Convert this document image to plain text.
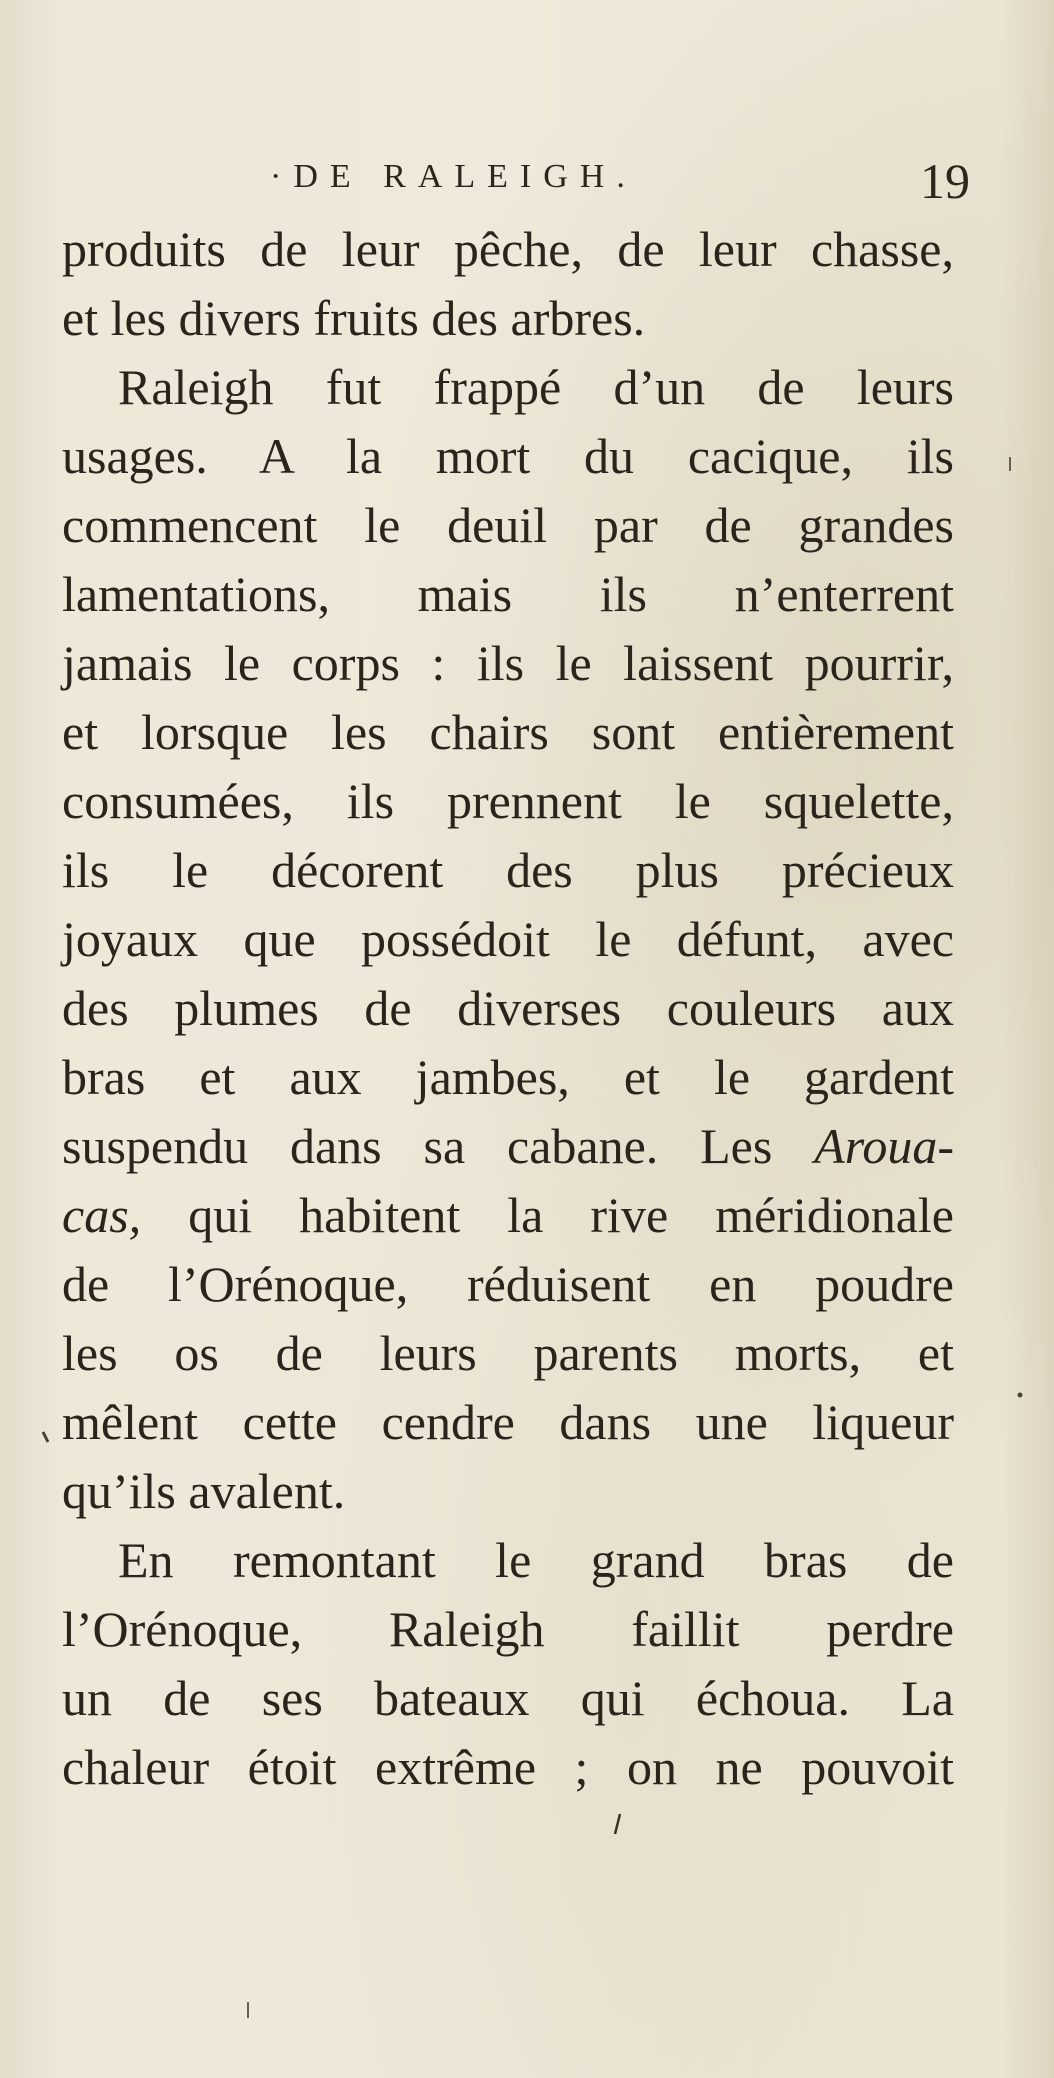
·DE RALEIGH.	19
produits de leur pêche, de leur chasse,
et les divers fruits des arbres.
Raleigh fut frappé d’un de leurs
usages. A la mort du cacique, ils
commencent le deuil par de grandes
lamentations, mais ils n’enterrent
jamais le corps : ils le laissent pourrir,
et lorsque les chairs sont entièrement
consumées, ils prennent le squelette,
ils le décorent des plus précieux
joyaux que possédoit le défunt, avec
des plumes de diverses couleurs aux
bras et aux jambes, et le gardent
suspendu dans sa cabane. Les Aroua-
cas, qui habitent la rive méridionale
de l’Orénoque, réduisent en poudre
les os de leurs parents morts, et
mêlent cette cendre dans une liqueur
qu’ils avalent.
En remontant le grand bras de
l’Orénoque, Raleigh faillit perdre
un de ses bateaux qui échoua. La
chaleur étoit extrême ; on ne pouvoit
